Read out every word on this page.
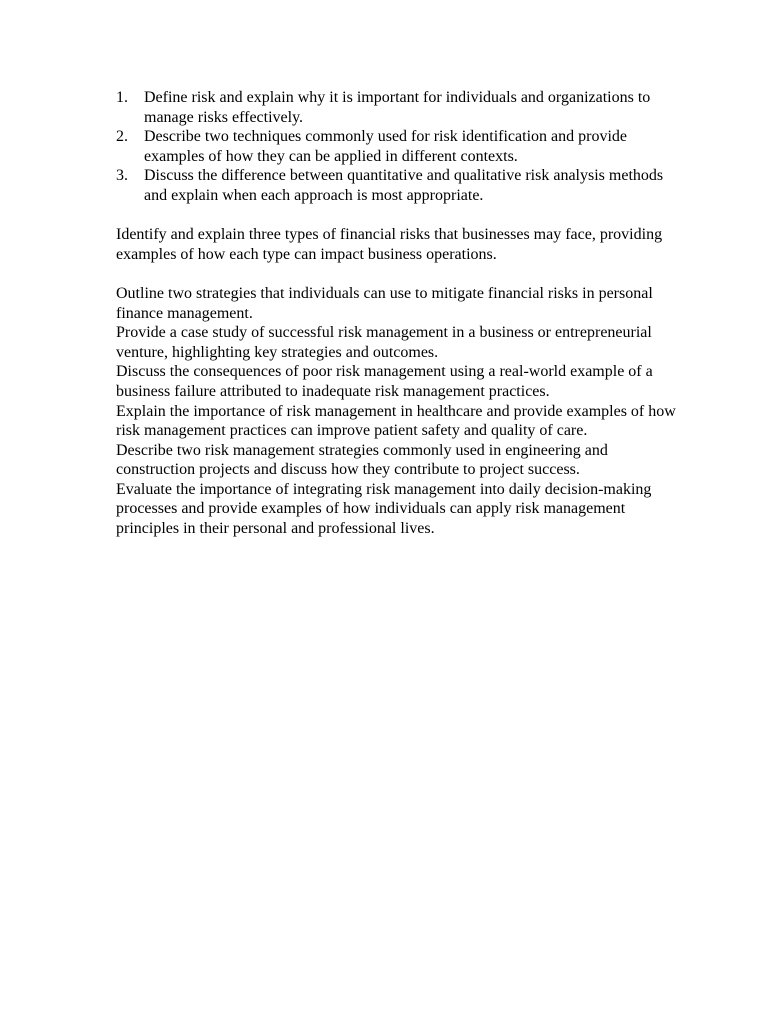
1. Define risk and explain why it is important for individuals and organizations to manage risks effectively.
2. Describe two techniques commonly used for risk identification and provide examples of how they can be applied in different contexts.
3. Discuss the difference between quantitative and qualitative risk analysis methods and explain when each approach is most appropriate.

Identify and explain three types of financial risks that businesses may face, providing examples of how each type can impact business operations.

Outline two strategies that individuals can use to mitigate financial risks in personal finance management.

Provide a case study of successful risk management in a business or entrepreneurial venture, highlighting key strategies and outcomes.

Discuss the consequences of poor risk management using a real-world example of a business failure attributed to inadequate risk management practices.

Explain the importance of risk management in healthcare and provide examples of how risk management practices can improve patient safety and quality of care.

Describe two risk management strategies commonly used in engineering and construction projects and discuss how they contribute to project success.

Evaluate the importance of integrating risk management into daily decision-making processes and provide examples of how individuals can apply risk management principles in their personal and professional lives.
